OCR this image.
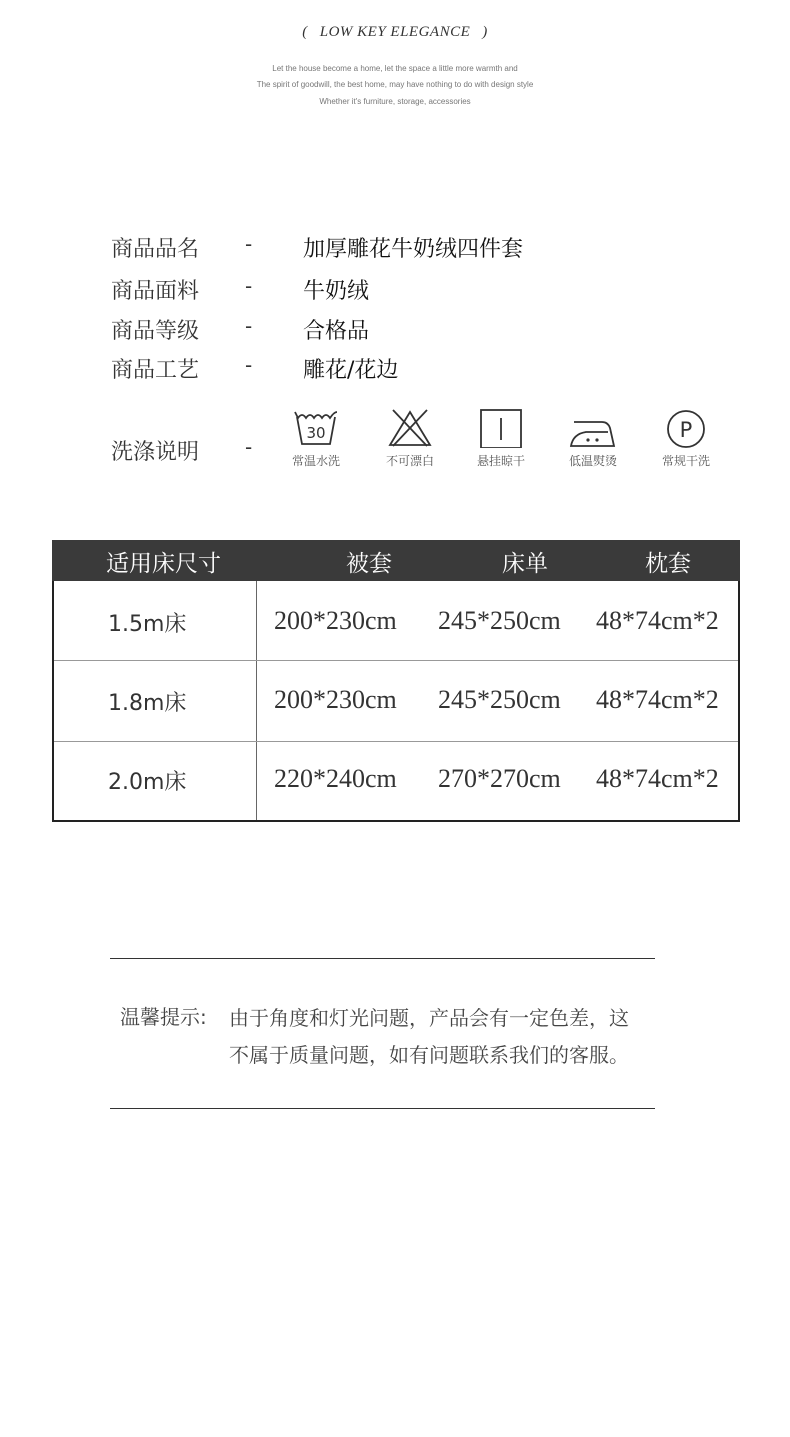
( LOW KEY ELEGANCE )
Let the house become a home, let the space a little more warmth and
The spirit of goodwill, the best home, may have nothing to do with design style
Whether it's furniture, storage, accessories
商品品名 - 加厚雕花牛奶绒四件套
商品面料 - 牛奶绒
商品等级 - 合格品
商品工艺 - 雕花/花边
洗涤说明 -
30
常温水洗	不可漂白	悬挂晾干	低温熨烫
P
常规干洗
适用床尺寸	被套	床单	枕套
1.5m床	200*230cm 245*250cm 48*74cm*2
1.8m床	200*230cm 245*250cm 48*74cm*2
2.0m床	220*240cm 270*270cm 48*74cm*2
温馨提示: 由于角度和灯光问题，产品会有一定色差，这
不属于质量问题，如有问题联系我们的客服。
